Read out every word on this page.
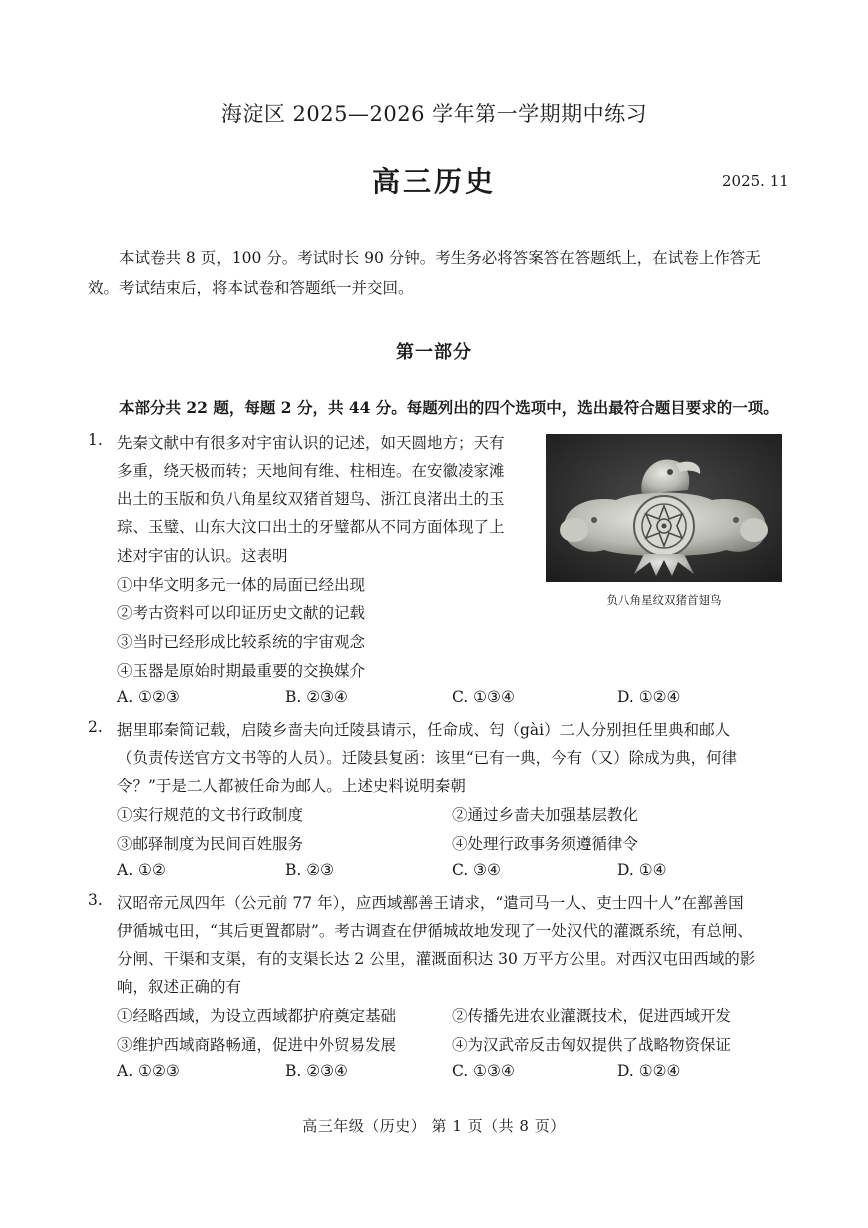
海淀区 2025—2026 学年第一学期期中练习
高三历史	2025. 11
本试卷共 8 页，100 分。考试时长 90 分钟。考生务必将答案答在答题纸上，在试卷上作答无
效。考试结束后，将本试卷和答题纸一并交回。
第一部分
本部分共 22 题，每题 2 分，共 44 分。每题列出的四个选项中，选出最符合题目要求的一项。
1. 先秦文献中有很多对宇宙认识的记述，如天圆地方；天有
多重，绕天极而转；天地间有维、柱相连。在安徽凌家滩
出土的玉版和负八角星纹双猪首翅鸟、浙江良渚出土的玉
琮、玉璧、山东大汶口出土的牙璧都从不同方面体现了上
述对宇宙的认识。这表明
①中华文明多元一体的局面已经出现
②考古资料可以印证历史文献的记载
③当时已经形成比较系统的宇宙观念
④玉器是原始时期最重要的交换媒介
A. ①②③	B. ②③④	C. ①③④	D. ①②④
负八角星纹双猪首翅鸟
2. 据里耶秦简记载，启陵乡啬夫向迁陵县请示，任命成、匄（gài）二人分别担任里典和邮人
（负责传送官方文书等的人员）。迁陵县复函：该里“已有一典，今有（又）除成为典，何律
令？”于是二人都被任命为邮人。上述史料说明秦朝
①实行规范的文书行政制度	②通过乡啬夫加强基层教化
③邮驿制度为民间百姓服务	④处理行政事务须遵循律令
A. ①②	B. ②③	C. ③④	D. ①④
3. 汉昭帝元凤四年（公元前 77 年），应西域鄯善王请求，“遣司马一人、吏士四十人”在鄯善国
伊循城屯田，“其后更置都尉”。考古调查在伊循城故地发现了一处汉代的灌溉系统，有总闸、
分闸、干渠和支渠，有的支渠长达 2 公里，灌溉面积达 30 万平方公里。对西汉屯田西域的影
响，叙述正确的有
①经略西域，为设立西域都护府奠定基础	②传播先进农业灌溉技术，促进西域开发
③维护西域商路畅通，促进中外贸易发展	④为汉武帝反击匈奴提供了战略物资保证
A. ①②③	B. ②③④	C. ①③④	D. ①②④
高三年级（历史） 第 1 页（共 8 页）
